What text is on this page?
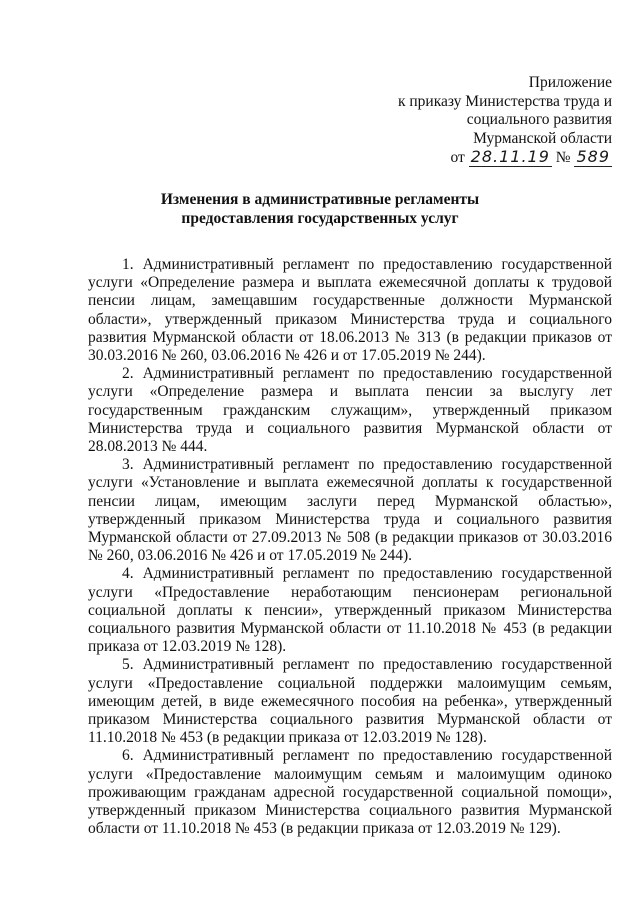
Приложение
к приказу Министерства труда и
социального развития
Мурманской области
от 28.11.19 № 589
Изменения в административные регламенты
предоставления государственных услуг

1. Административный регламент по предоставлению государственной услуги «Определение размера и выплата ежемесячной доплаты к трудовой пенсии лицам, замещавшим государственные должности Мурманской области», утвержденный приказом Министерства труда и социального развития Мурманской области от 18.06.2013 № 313 (в редакции приказов от 30.03.2016 № 260, 03.06.2016 № 426 и от 17.05.2019 № 244).

2. Административный регламент по предоставлению государственной услуги «Определение размера и выплата пенсии за выслугу лет государственным гражданским служащим», утвержденный приказом Министерства труда и социального развития Мурманской области от 28.08.2013 № 444.

3. Административный регламент по предоставлению государственной услуги «Установление и выплата ежемесячной доплаты к государственной пенсии лицам, имеющим заслуги перед Мурманской областью», утвержденный приказом Министерства труда и социального развития Мурманской области от 27.09.2013 № 508 (в редакции приказов от 30.03.2016 № 260, 03.06.2016 № 426 и от 17.05.2019 № 244).

4. Административный регламент по предоставлению государственной услуги «Предоставление неработающим пенсионерам региональной социальной доплаты к пенсии», утвержденный приказом Министерства социального развития Мурманской области от 11.10.2018 № 453 (в редакции приказа от 12.03.2019 № 128).

5. Административный регламент по предоставлению государственной услуги «Предоставление социальной поддержки малоимущим семьям, имеющим детей, в виде ежемесячного пособия на ребенка», утвержденный приказом Министерства социального развития Мурманской области от 11.10.2018 № 453 (в редакции приказа от 12.03.2019 № 128).

6. Административный регламент по предоставлению государственной услуги «Предоставление малоимущим семьям и малоимущим одиноко проживающим гражданам адресной государственной социальной помощи», утвержденный приказом Министерства социального развития Мурманской области от 11.10.2018 № 453 (в редакции приказа от 12.03.2019 № 129).
